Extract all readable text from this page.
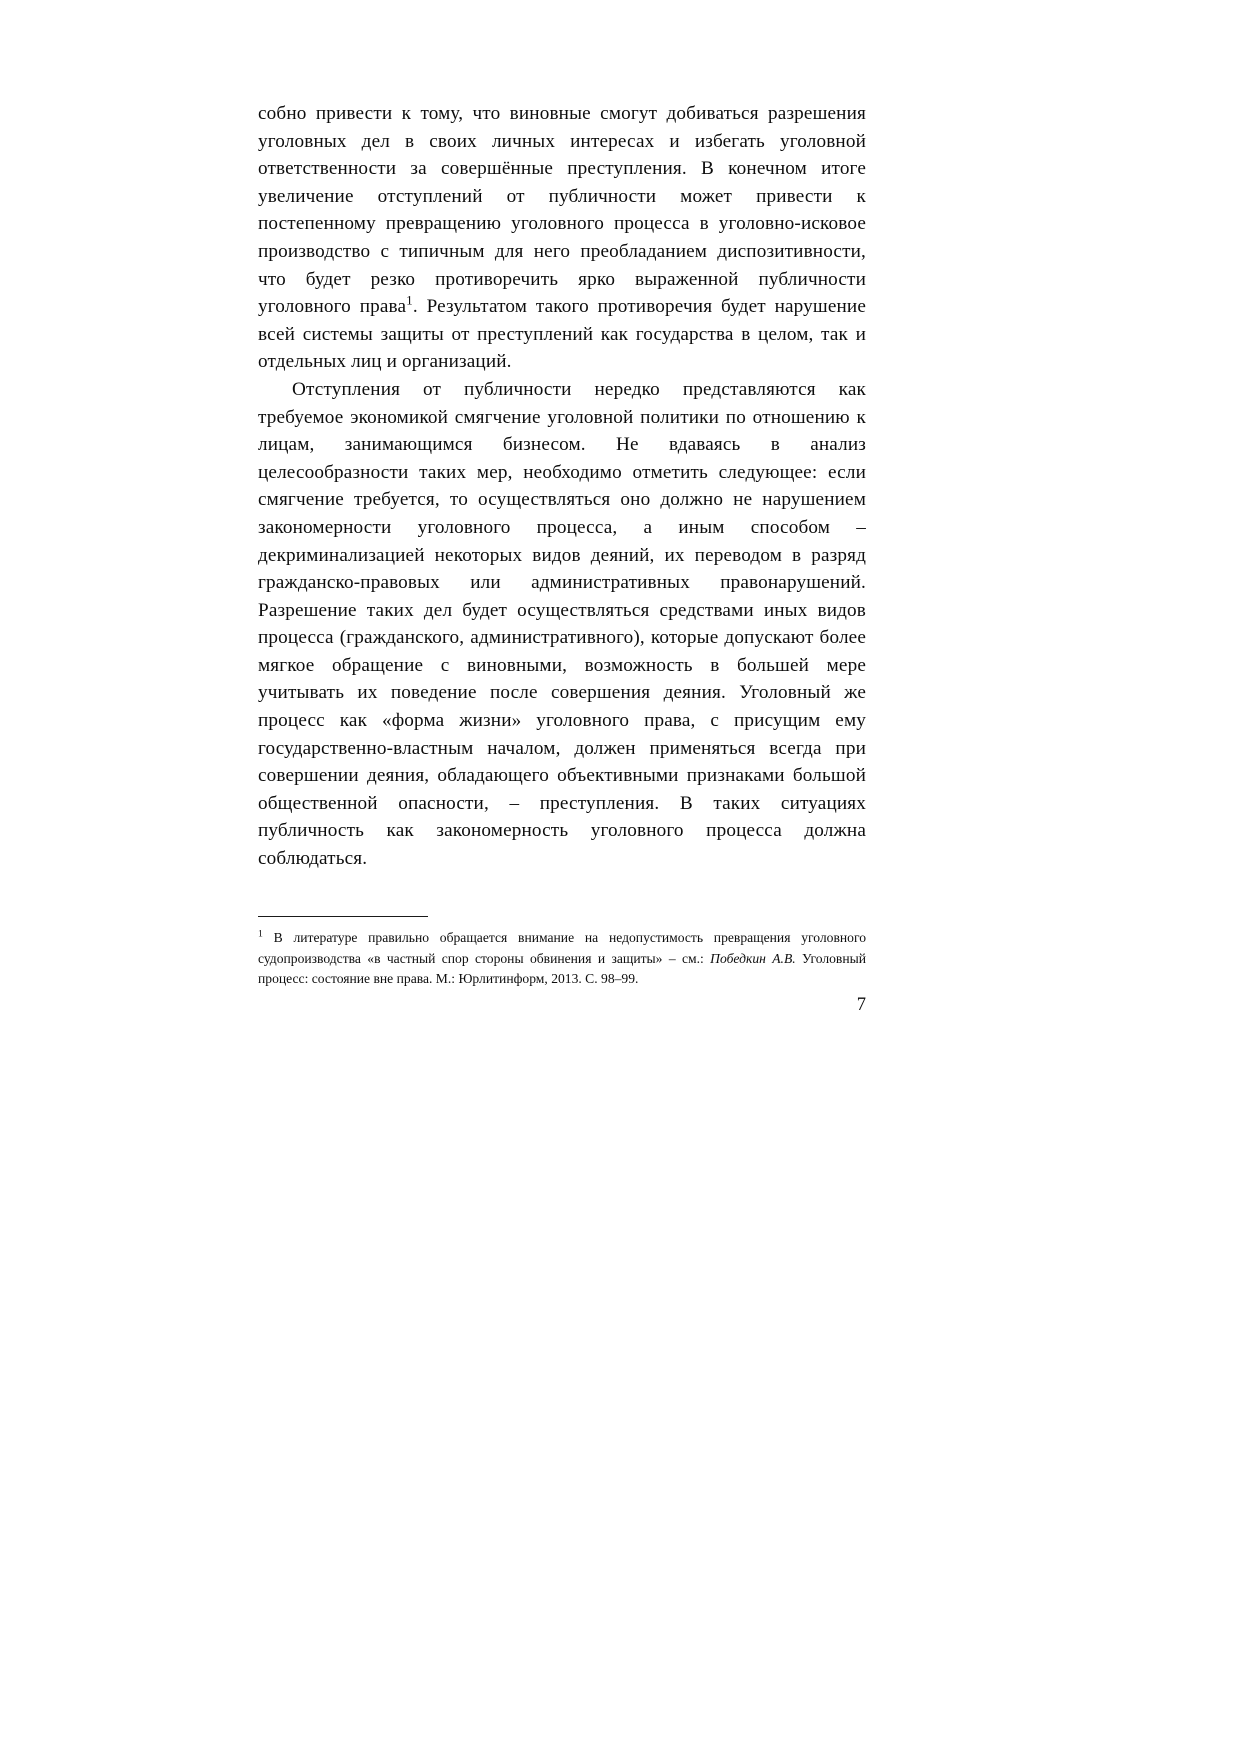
собно привести к тому, что виновные смогут добиваться разрешения уголовных дел в своих личных интересах и избегать уголовной ответственности за совершённые преступления. В конечном итоге увеличение отступлений от публичности может привести к постепенному превращению уголовного процесса в уголовно-исковое производство с типичным для него преобладанием диспозитивности, что будет резко противоречить ярко выраженной публичности уголовного права$^1$. Результатом такого противоречия будет нарушение всей системы защиты от преступлений как государства в целом, так и отдельных лиц и организаций.

Отступления от публичности нередко представляются как требуемое экономикой смягчение уголовной политики по отношению к лицам, занимающимся бизнесом. Не вдаваясь в анализ целесообразности таких мер, необходимо отметить следующее: если смягчение требуется, то осуществляться оно должно не нарушением закономерности уголовного процесса, а иным способом – декриминализацией некоторых видов деяний, их переводом в разряд гражданско-правовых или административных правонарушений. Разрешение таких дел будет осуществляться средствами иных видов процесса (гражданского, административного), которые допускают более мягкое обращение с виновными, возможность в большей мере учитывать их поведение после совершения деяния. Уголовный же процесс как «форма жизни» уголовного права, с присущим ему государственно-властным началом, должен применяться всегда при совершении деяния, обладающего объективными признаками большой общественной опасности, – преступления. В таких ситуациях публичность как закономерность уголовного процесса должна соблюдаться.

$^1$ В литературе правильно обращается внимание на недопустимость превращения уголовного судопроизводства «в частный спор стороны обвинения и защиты» – см.: Победкин А.В. Уголовный процесс: состояние вне права. М.: Юрлитинформ, 2013. С. 98–99.
7
